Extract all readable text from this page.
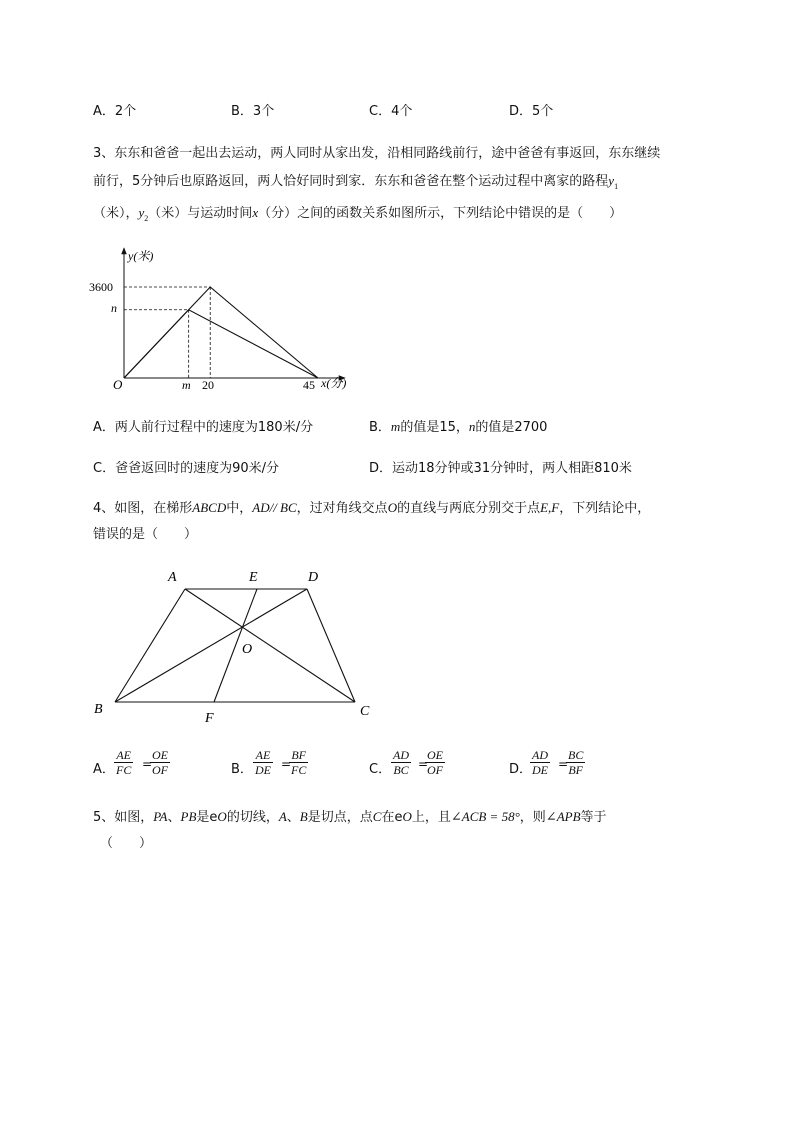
A．2个	B．3个	C．4个	D．5个
3、东东和爸爸一起出去运动，两人同时从家出发，沿相同路线前行，途中爸爸有事返回，东东继续
前行，5分钟后也原路返回，两人恰好同时到家．东东和爸爸在整个运动过程中离家的路程$y_1$
（米），$y_2$（米）与运动时间x（分）之间的函数关系如图所示，下列结论中错误的是（　　）
y(米)
3600
n
O	m 20	45 x(分)
A．两人前行过程中的速度为180米/分	B．m的值是15，n的值是2700
C．爸爸返回时的速度为90米/分	D．运动18分钟或31分钟时，两人相距810米
4、如图，在梯形ABCD中，AD// BC，过对角线交点O的直线与两底分别交于点E,F，下列结论中，
错误的是（　　）
A	E	D
O
B
F	C
A． $\frac{AE}{FC}$ =
$\frac{OE}{OF}$	B． $\frac{AE}{DE}$ =
$\frac{BF}{FC}$	C． $\frac{AD}{BC}$ =
$\frac{OE}{OF}$	D．
$\frac{AD}{DE}$ =
$\frac{BC}{BF}$
5、如图，PA、PB是eO的切线，A、B是切点，点C在eO上，且∠ACB = 58°，则∠APB等于
（　　）
